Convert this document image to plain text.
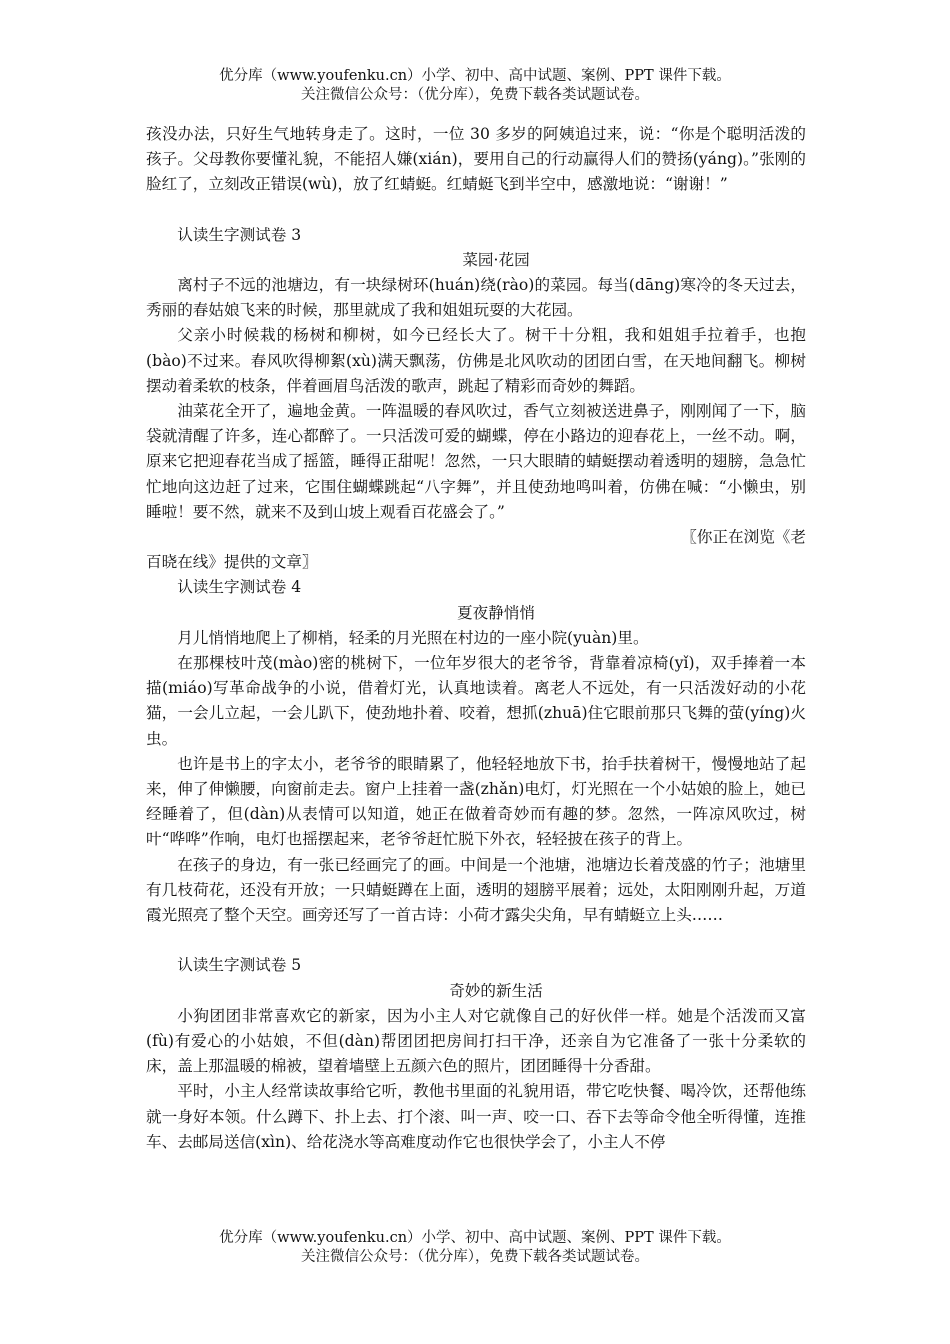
优分库（www.youfenku.cn）小学、初中、高中试题、案例、PPT 课件下载。
关注微信公众号：（优分库），免费下载各类试题试卷。

孩没办法，只好生气地转身走了。这时，一位 30 多岁的阿姨追过来，说：“你是个聪明活泼的孩子。父母教你要懂礼貌，不能招人嫌(xián)，要用自己的行动赢得人们的赞扬(yáng)。”张刚的脸红了，立刻改正错误(wù)，放了红蜻蜓。红蜻蜓飞到半空中，感激地说：“谢谢！”

认读生字测试卷 3

菜园·花园

离村子不远的池塘边，有一块绿树环(huán)绕(rào)的菜园。每当(dāng)寒冷的冬天过去，秀丽的春姑娘飞来的时候，那里就成了我和姐姐玩耍的大花园。

父亲小时候栽的杨树和柳树，如今已经长大了。树干十分粗，我和姐姐手拉着手，也抱(bào)不过来。春风吹得柳絮(xù)满天飘荡，仿佛是北风吹动的团团白雪，在天地间翻飞。柳树摆动着柔软的枝条，伴着画眉鸟活泼的歌声，跳起了精彩而奇妙的舞蹈。

油菜花全开了，遍地金黄。一阵温暖的春风吹过，香气立刻被送进鼻子，刚刚闻了一下，脑袋就清醒了许多，连心都醉了。一只活泼可爱的蝴蝶，停在小路边的迎春花上，一丝不动。啊，原来它把迎春花当成了摇篮，睡得正甜呢！忽然，一只大眼睛的蜻蜓摆动着透明的翅膀，急急忙忙地向这边赶了过来，它围住蝴蝶跳起“八字舞”，并且使劲地鸣叫着，仿佛在喊：“小懒虫，别睡啦！要不然，就来不及到山坡上观看百花盛会了。”

〖你正在浏览《老

百晓在线》提供的文章〗

认读生字测试卷 4

夏夜静悄悄

月儿悄悄地爬上了柳梢，轻柔的月光照在村边的一座小院(yuàn)里。

在那棵枝叶茂(mào)密的桃树下，一位年岁很大的老爷爷，背靠着凉椅(yǐ)，双手捧着一本描(miáo)写革命战争的小说，借着灯光，认真地读着。离老人不远处，有一只活泼好动的小花猫，一会儿立起，一会儿趴下，使劲地扑着、咬着，想抓(zhuā)住它眼前那只飞舞的萤(yíng)火虫。

也许是书上的字太小，老爷爷的眼睛累了，他轻轻地放下书，抬手扶着树干，慢慢地站了起来，伸了伸懒腰，向窗前走去。窗户上挂着一盏(zhǎn)电灯，灯光照在一个小姑娘的脸上，她已经睡着了，但(dàn)从表情可以知道，她正在做着奇妙而有趣的梦。忽然，一阵凉风吹过，树叶“哗哗”作响，电灯也摇摆起来，老爷爷赶忙脱下外衣，轻轻披在孩子的背上。

在孩子的身边，有一张已经画完了的画。中间是一个池塘，池塘边长着茂盛的竹子；池塘里有几枝荷花，还没有开放；一只蜻蜓蹲在上面，透明的翅膀平展着；远处，太阳刚刚升起，万道霞光照亮了整个天空。画旁还写了一首古诗：小荷才露尖尖角，早有蜻蜓立上头……

认读生字测试卷 5

奇妙的新生活

小狗团团非常喜欢它的新家，因为小主人对它就像自己的好伙伴一样。她是个活泼而又富(fù)有爱心的小姑娘，不但(dàn)帮团团把房间打扫干净，还亲自为它准备了一张十分柔软的床，盖上那温暖的棉被，望着墙壁上五颜六色的照片，团团睡得十分香甜。

平时，小主人经常读故事给它听，教他书里面的礼貌用语，带它吃快餐、喝冷饮，还帮他练就一身好本领。什么蹲下、扑上去、打个滚、叫一声、咬一口、吞下去等命令他全听得懂，连推车、去邮局送信(xìn)、给花浇水等高难度动作它也很快学会了，小主人不停

优分库（www.youfenku.cn）小学、初中、高中试题、案例、PPT 课件下载。
关注微信公众号：（优分库），免费下载各类试题试卷。
